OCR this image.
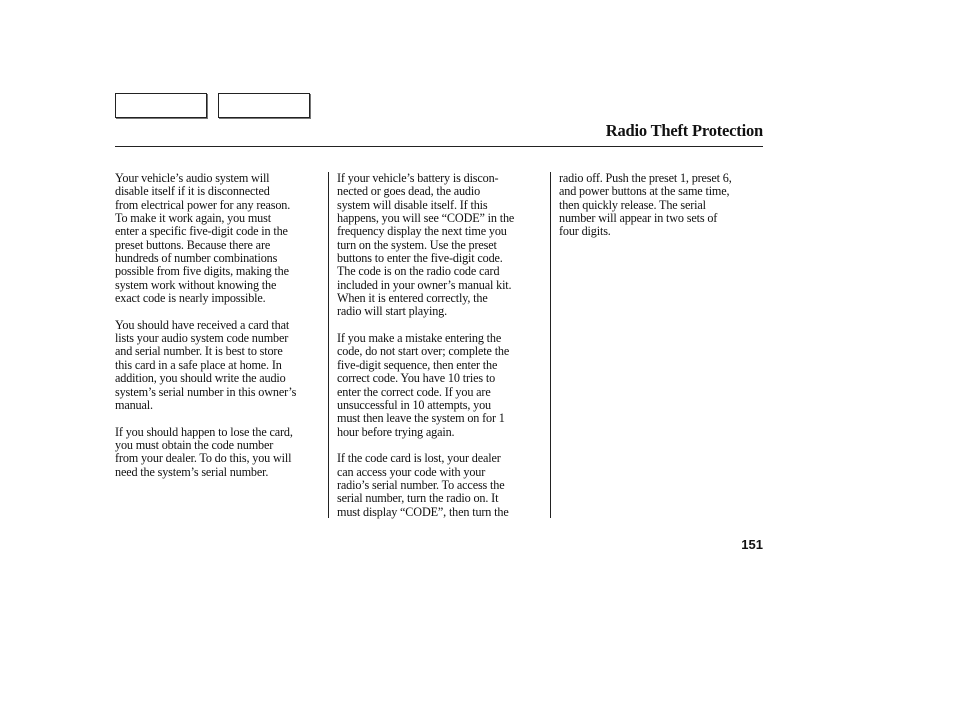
Radio Theft Protection

Your vehicle’s audio system will
disable itself if it is disconnected
from electrical power for any reason.
To make it work again, you must
enter a specific five-digit code in the
preset buttons. Because there are
hundreds of number combinations
possible from five digits, making the
system work without knowing the
exact code is nearly impossible.

You should have received a card that
lists your audio system code number
and serial number. It is best to store
this card in a safe place at home. In
addition, you should write the audio
system’s serial number in this owner’s
manual.

If you should happen to lose the card,
you must obtain the code number
from your dealer. To do this, you will
need the system’s serial number.

If your vehicle’s battery is discon-
nected or goes dead, the audio
system will disable itself. If this
happens, you will see “CODE” in the
frequency display the next time you
turn on the system. Use the preset
buttons to enter the five-digit code.
The code is on the radio code card
included in your owner’s manual kit.
When it is entered correctly, the
radio will start playing.

If you make a mistake entering the
code, do not start over; complete the
five-digit sequence, then enter the
correct code. You have 10 tries to
enter the correct code. If you are
unsuccessful in 10 attempts, you
must then leave the system on for 1
hour before trying again.

If the code card is lost, your dealer
can access your code with your
radio’s serial number. To access the
serial number, turn the radio on. It
must display “CODE”, then turn the

radio off. Push the preset 1, preset 6,
and power buttons at the same time,
then quickly release. The serial
number will appear in two sets of
four digits.

151
